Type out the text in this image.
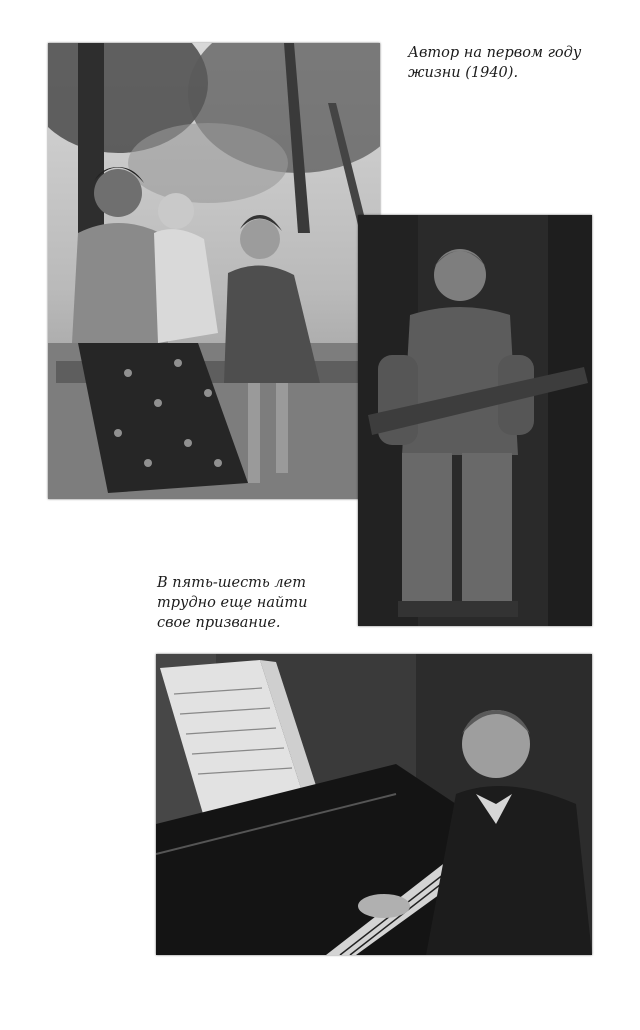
Автор на первом году
жизни (1940).

В пять-шесть лет
трудно еще найти
свое призвание.
